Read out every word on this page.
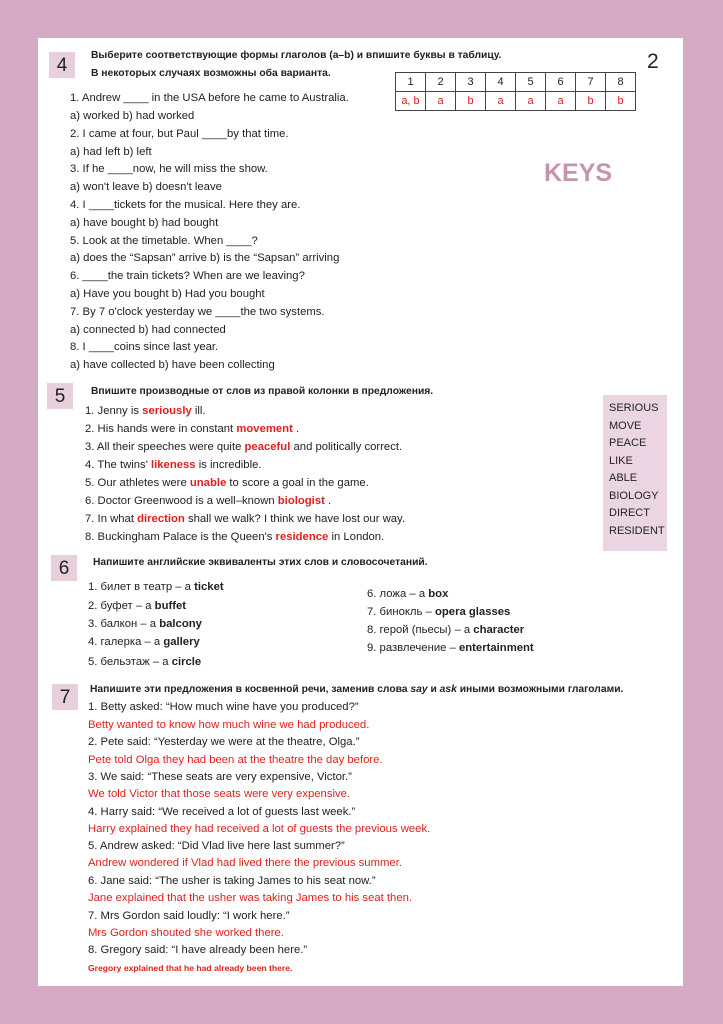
2
4	Выберите соответствующие формы глаголов (a–b) и впишите буквы в таблицу.
В некоторых случаях возможны оба варианта.
1. Andrew ____ in the USA before he came to Australia.
a) worked b) had worked
2. I came at four, but Paul ____by that time.
a) had left b) left
3. If he ____now, he will miss the show.
a) won't leave b) doesn't leave
4. I ____tickets for the musical. Here they are.
a) have bought b) had bought
5. Look at the timetable. When ____?
a) does the “Sapsan” arrive b) is the “Sapsan” arriving
6. ____the train tickets? When are we leaving?
a) Have you bought b) Had you bought
7. By 7 o'clock yesterday we ____the two systems.
a) connected b) had connected
8. I ____coins since last year.
a) have collected b) have been collecting
1	2	3	4	5	6	7	8
a, b	a	b	a	a	a	b	b
KEYS
5	Впишите производные от слов из правой колонки в предложения.
1. Jenny is seriously ill.
2. His hands were in constant movement .
3. All their speeches were quite peaceful and politically correct.
4. The twins' likeness is incredible.
5. Our athletes were unable to score a goal in the game.
6. Doctor Greenwood is a well–known biologist .
7. In what direction shall we walk? I think we have lost our way.
8. Buckingham Palace is the Queen's residence in London.
SERIOUS
MOVE
PEACE
LIKE
ABLE
BIOLOGY
DIRECT
RESIDENT
6	Напишите английские эквиваленты этих слов и словосочетаний.
1. билет в театр – a ticket
2. буфет – a buffet
3. балкон – a balcony
4. галерка – a gallery
5. бельэтаж – a circle
6. ложа – a box
7. бинокль – opera glasses
8. герой (пьесы) – a character
9. развлечение – entertainment
7	Напишите эти предложения в косвенной речи, заменив слова say и ask иными возможными глаголами.
1. Betty asked: “How much wine have you produced?”
Betty wanted to know how much wine we had produced.
2. Pete said: “Yesterday we were at the theatre, Olga.”
Pete told Olga they had been at the theatre the day before.
3. We said: “These seats are very expensive, Victor.”
We told Victor that those seats were very expensive.
4. Harry said: “We received a lot of guests last week.”
Harry explained they had received a lot of guests the previous week.
5. Andrew asked: “Did Vlad live here last summer?”
Andrew wondered if Vlad had lived there the previous summer.
6. Jane said: “The usher is taking James to his seat now.”
Jane explained that the usher was taking James to his seat then.
7. Mrs Gordon said loudly: “I work here.”
Mrs Gordon shouted she worked there.
8. Gregory said: “I have already been here.”
Gregory explained that he had already been there.
